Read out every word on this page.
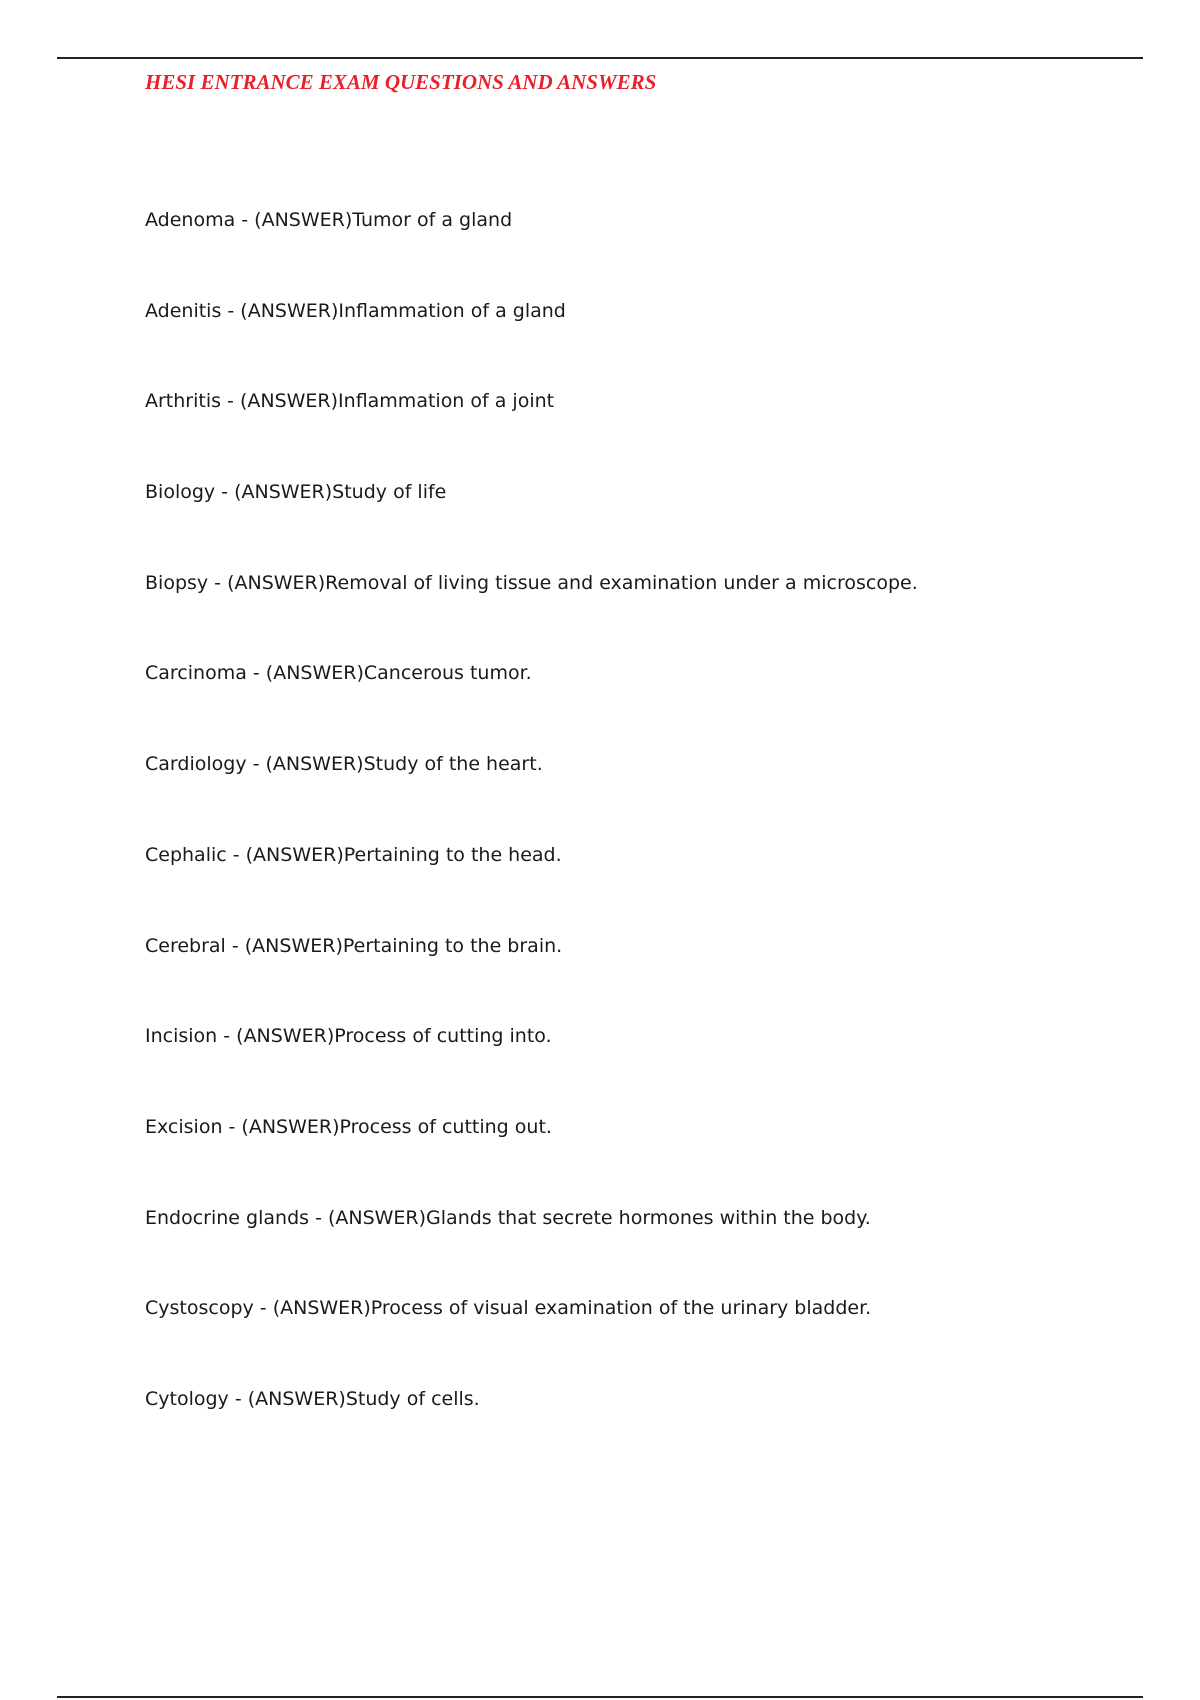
HESI ENTRANCE EXAM QUESTIONS AND ANSWERS
Adenoma - (ANSWER)Tumor of a gland
Adenitis - (ANSWER)Inflammation of a gland
Arthritis - (ANSWER)Inflammation of a joint
Biology - (ANSWER)Study of life
Biopsy - (ANSWER)Removal of living tissue and examination under a microscope.
Carcinoma - (ANSWER)Cancerous tumor.
Cardiology - (ANSWER)Study of the heart.
Cephalic - (ANSWER)Pertaining to the head.
Cerebral - (ANSWER)Pertaining to the brain.
Incision - (ANSWER)Process of cutting into.
Excision - (ANSWER)Process of cutting out.
Endocrine glands - (ANSWER)Glands that secrete hormones within the body.
Cystoscopy - (ANSWER)Process of visual examination of the urinary bladder.
Cytology - (ANSWER)Study of cells.
